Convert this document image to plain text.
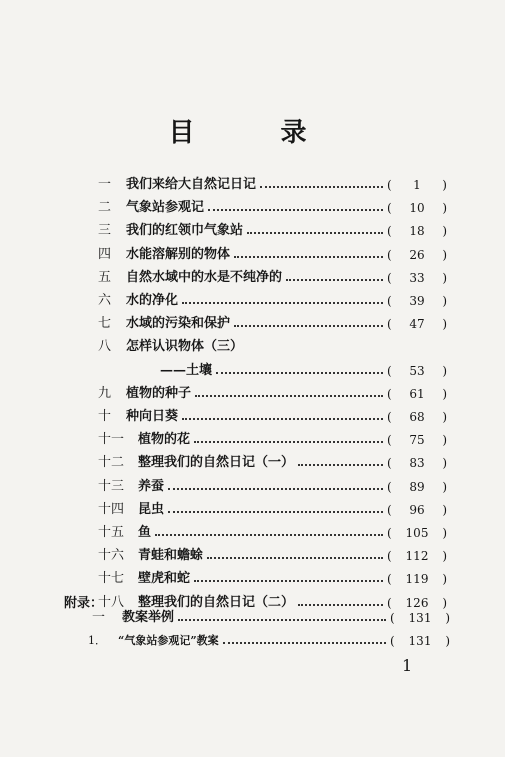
目　录
一	我们来给大自然记日记	( 1 )
二	气象站参观记	( 10 )
三	我们的红领巾气象站	( 18 )
四	水能溶解别的物体	( 26 )
五	自然水域中的水是不纯净的	( 33 )
六	水的净化	( 39 )
七	水域的污染和保护	( 47 )
八	怎样认识物体（三）
——土壤	( 53 )
九	植物的种子	( 61 )
十	种向日葵	( 68 )
十一	植物的花	( 75 )
十二	整理我们的自然日记（一）	( 83 )
十三	养蚕	( 89 )
十四	昆虫	( 96 )
十五	鱼	( 105 )
十六	青蛙和蟾蜍	( 112 )
十七	壁虎和蛇	( 119 )
十八	整理我们的自然日记（二）	( 126 )
附录：
一	教案举例	( 131 )
1．	“气象站参观记”教案	( 131 )
1
